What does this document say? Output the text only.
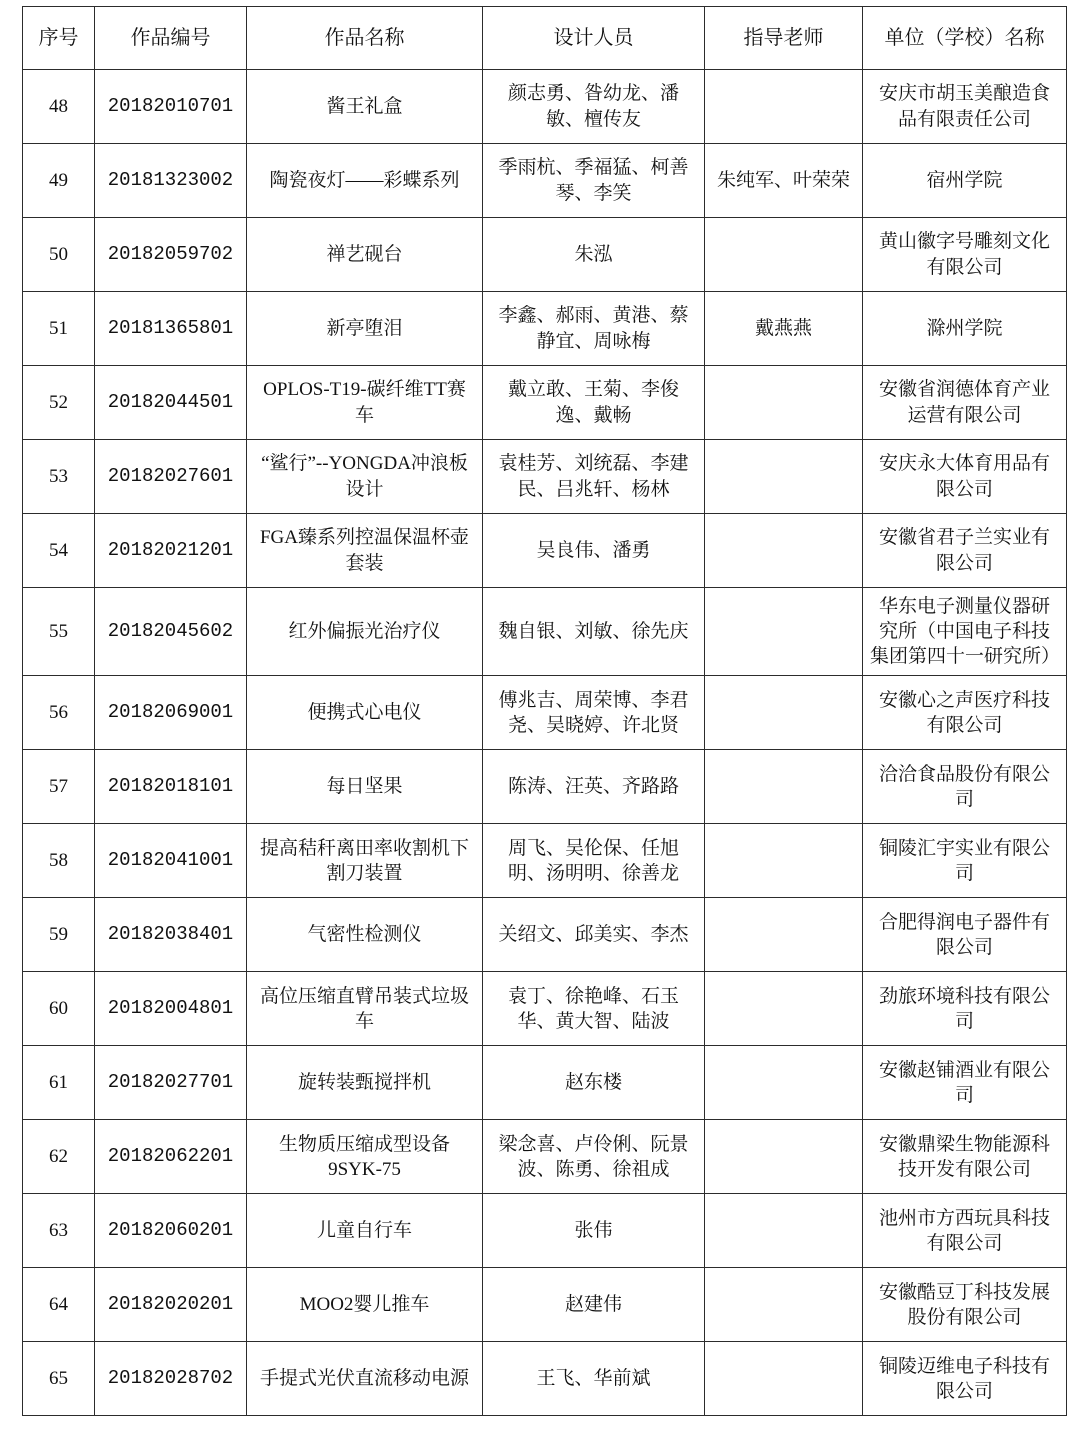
序号	作品编号	作品名称	设计人员	指导老师	单位（学校）名称
48	20182010701	酱王礼盒	颜志勇、昝幼龙、潘敏、檀传友		安庆市胡玉美酿造食品有限责任公司
49	20181323002	陶瓷夜灯——彩蝶系列	季雨杭、季福猛、柯善琴、李笑	朱纯军、叶荣荣	宿州学院
50	20182059702	禅艺砚台	朱泓		黄山徽字号雕刻文化有限公司
51	20181365801	新亭堕泪	李鑫、郝雨、黄港、蔡静宜、周咏梅	戴燕燕	滁州学院
52	20182044501	OPLOS-T19-碳纤维TT赛车	戴立敢、王菊、李俊逸、戴畅		安徽省润德体育产业运营有限公司
53	20182027601	“鲨行”--YONGDA冲浪板设计	袁桂芳、刘统磊、李建民、吕兆轩、杨林		安庆永大体育用品有限公司
54	20182021201	FGA臻系列控温保温杯壶套装	吴良伟、潘勇		安徽省君子兰实业有限公司
55	20182045602	红外偏振光治疗仪	魏自银、刘敏、徐先庆		华东电子测量仪器研究所（中国电子科技集团第四十一研究所）
56	20182069001	便携式心电仪	傅兆吉、周荣博、李君尧、吴晓婷、许北贤		安徽心之声医疗科技有限公司
57	20182018101	每日坚果	陈涛、汪英、齐路路		洽洽食品股份有限公司
58	20182041001	提高秸秆离田率收割机下割刀装置	周飞、吴伦保、任旭明、汤明明、徐善龙		铜陵汇宇实业有限公司
59	20182038401	气密性检测仪	关绍文、邱美实、李杰		合肥得润电子器件有限公司
60	20182004801	高位压缩直臂吊装式垃圾车	袁丁、徐艳峰、石玉华、黄大智、陆波		劲旅环境科技有限公司
61	20182027701	旋转装甄搅拌机	赵东楼		安徽赵铺酒业有限公司
62	20182062201	生物质压缩成型设备9SYK-75	梁念喜、卢伶俐、阮景波、陈勇、徐祖成		安徽鼎梁生物能源科技开发有限公司
63	20182060201	儿童自行车	张伟		池州市方西玩具科技有限公司
64	20182020201	MOO2婴儿推车	赵建伟		安徽酷豆丁科技发展股份有限公司
65	20182028702	手提式光伏直流移动电源	王飞、华前斌		铜陵迈维电子科技有限公司
